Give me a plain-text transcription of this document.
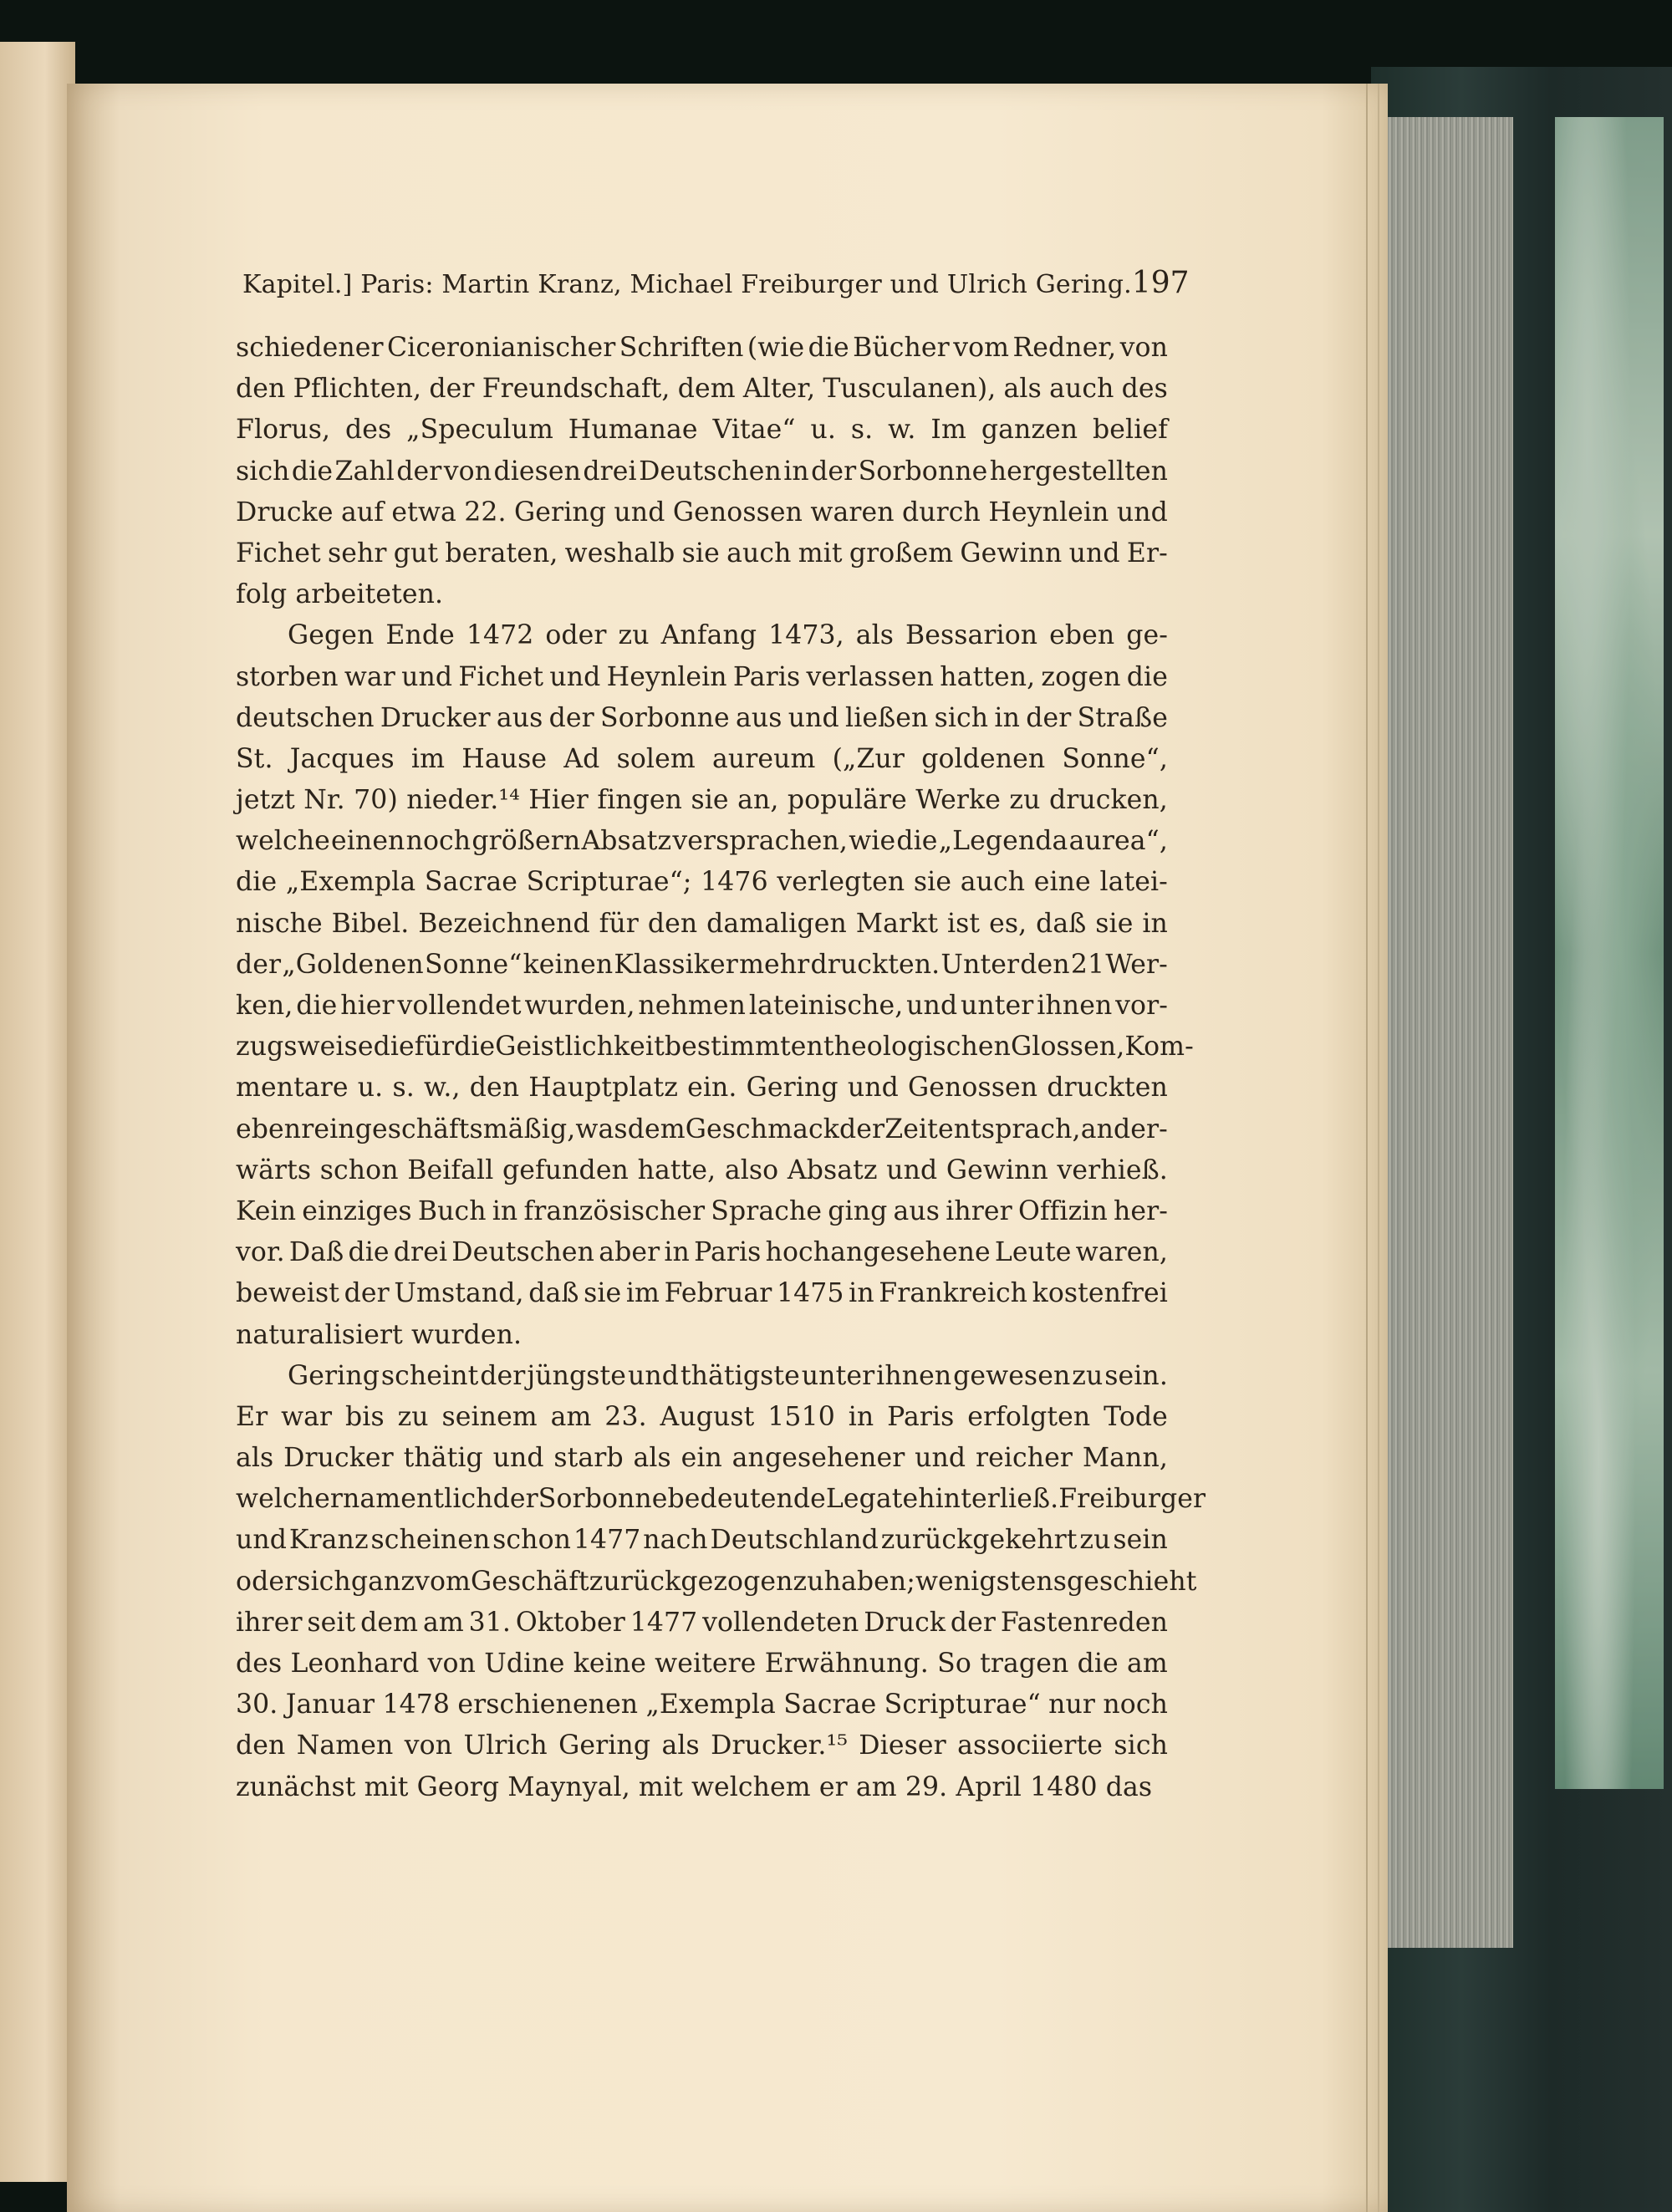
Kapitel.] Paris: Martin Kranz, Michael Freiburger und Ulrich Gering. 197
schiedener Ciceronianischer Schriften (wie die Bücher vom Redner, von
den Pflichten, der Freundschaft, dem Alter, Tusculanen), als auch des
Florus, des „Speculum Humanae Vitae“ u. s. w. Im ganzen belief
sich die Zahl der von diesen drei Deutschen in der Sorbonne hergestellten
Drucke auf etwa 22. Gering und Genossen waren durch Heynlein und
Fichet sehr gut beraten, weshalb sie auch mit großem Gewinn und Er-
folg arbeiteten.
Gegen Ende 1472 oder zu Anfang 1473, als Bessarion eben ge-
storben war und Fichet und Heynlein Paris verlassen hatten, zogen die
deutschen Drucker aus der Sorbonne aus und ließen sich in der Straße
St. Jacques im Hause Ad solem aureum („Zur goldenen Sonne“,
jetzt Nr. 70) nieder.¹⁴ Hier fingen sie an, populäre Werke zu drucken,
welche einen noch größern Absatz versprachen, wie die „Legenda aurea“,
die „Exempla Sacrae Scripturae“; 1476 verlegten sie auch eine latei-
nische Bibel. Bezeichnend für den damaligen Markt ist es, daß sie in
der „Goldenen Sonne“ keinen Klassiker mehr druckten. Unter den 21 Wer-
ken, die hier vollendet wurden, nehmen lateinische, und unter ihnen vor-
zugsweise die für die Geistlichkeit bestimmten theologischen Glossen, Kom-
mentare u. s. w., den Hauptplatz ein. Gering und Genossen druckten
eben rein geschäftsmäßig, was dem Geschmack der Zeit entsprach, ander-
wärts schon Beifall gefunden hatte, also Absatz und Gewinn verhieß.
Kein einziges Buch in französischer Sprache ging aus ihrer Offizin her-
vor. Daß die drei Deutschen aber in Paris hochangesehene Leute waren,
beweist der Umstand, daß sie im Februar 1475 in Frankreich kostenfrei
naturalisiert wurden.
Gering scheint der jüngste und thätigste unter ihnen gewesen zu sein.
Er war bis zu seinem am 23. August 1510 in Paris erfolgten Tode
als Drucker thätig und starb als ein angesehener und reicher Mann,
welcher namentlich der Sorbonne bedeutende Legate hinterließ. Freiburger
und Kranz scheinen schon 1477 nach Deutschland zurückgekehrt zu sein
oder sich ganz vom Geschäft zurückgezogen zu haben; wenigstens geschieht
ihrer seit dem am 31. Oktober 1477 vollendeten Druck der Fastenreden
des Leonhard von Udine keine weitere Erwähnung. So tragen die am
30. Januar 1478 erschienenen „Exempla Sacrae Scripturae“ nur noch
den Namen von Ulrich Gering als Drucker.¹⁵ Dieser associierte sich
zunächst mit Georg Maynyal, mit welchem er am 29. April 1480 das
